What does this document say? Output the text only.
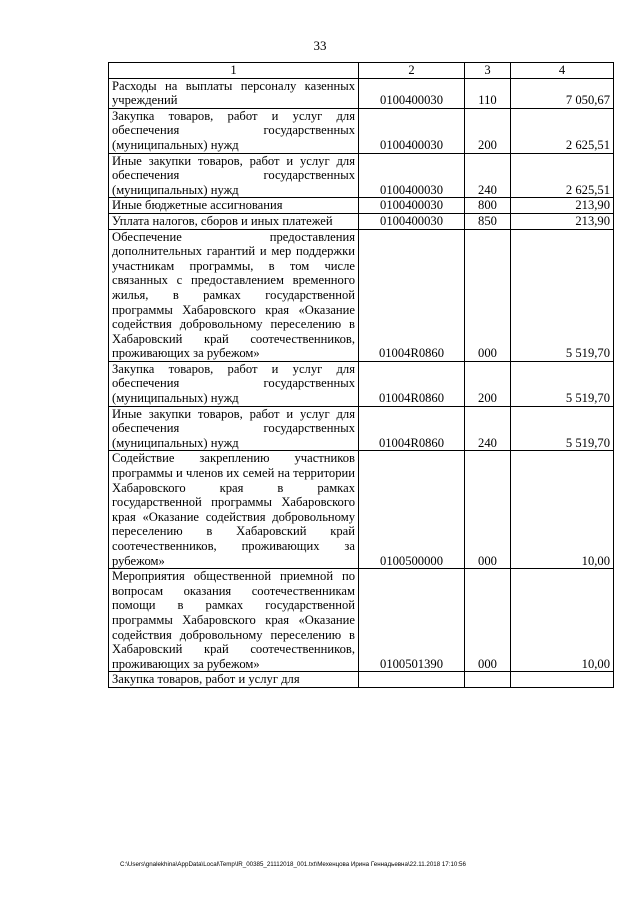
33
1	2	3	4
Расходы на выплаты персоналу казенных учреждений	0100400030	110	7 050,67
Закупка товаров, работ и услуг для обеспечения государственных (муниципальных) нужд	0100400030	200	2 625,51
Иные закупки товаров, работ и услуг для обеспечения государственных (муниципальных) нужд	0100400030	240	2 625,51
Иные бюджетные ассигнования	0100400030	800	213,90
Уплата налогов, сборов и иных платежей	0100400030	850	213,90
Обеспечение предоставления дополнительных гарантий и мер поддержки участникам программы, в том числе связанных с предоставлением временного жилья, в рамках государственной программы Хабаровского края «Оказание содействия добровольному переселению в Хабаровский край соотечественников, проживающих за рубежом»	01004R0860	000	5 519,70
Закупка товаров, работ и услуг для обеспечения государственных (муниципальных) нужд	01004R0860	200	5 519,70
Иные закупки товаров, работ и услуг для обеспечения государственных (муниципальных) нужд	01004R0860	240	5 519,70
Содействие закреплению участников программы и членов их семей на территории Хабаровского края в рамках государственной программы Хабаровского края «Оказание содействия добровольному переселению в Хабаровский край соотечественников, проживающих за рубежом»	0100500000	000	10,00
Мероприятия общественной приемной по вопросам оказания соотечественникам помощи в рамках государственной программы Хабаровского края «Оказание содействия добровольному переселению в Хабаровский край соотечественников, проживающих за рубежом»	0100501390	000	10,00
Закупка товаров, работ и услуг для			
C:\Users\gnalekhina\AppData\Local\Temp\IR_00385_21112018_001.txt\Мехенцова Ирина Геннадьевна\22.11.2018 17:10:56
